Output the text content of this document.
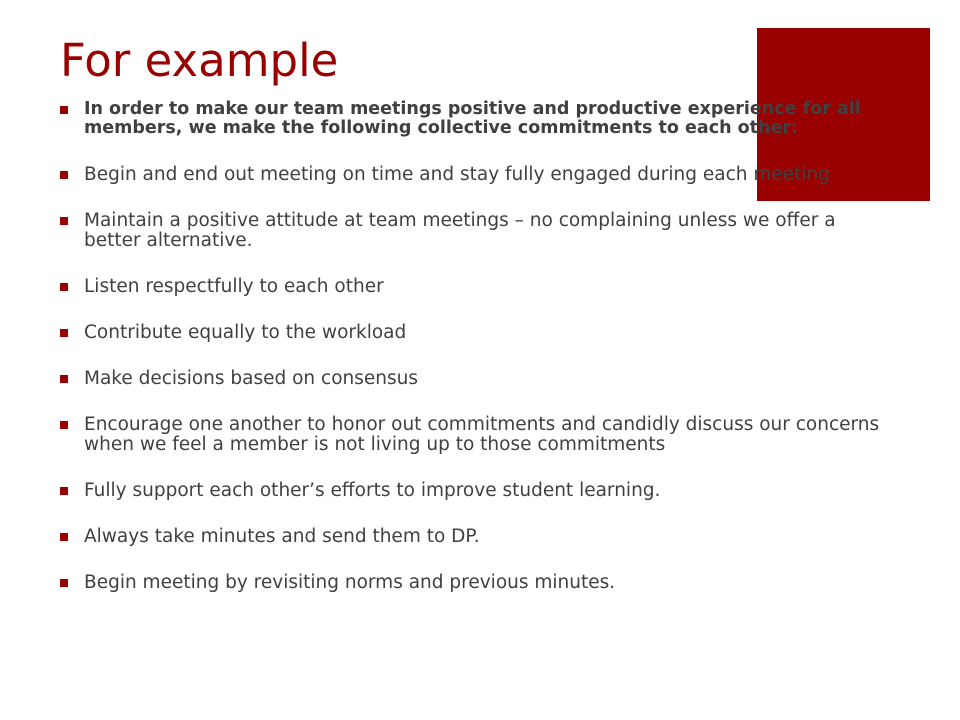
For example
In order to make our team meetings positive and productive experience for all members, we make the following collective commitments to each other:
Begin and end out meeting on time and stay fully engaged during each meeting
Maintain a positive attitude at team meetings – no complaining unless we offer a better alternative.
Listen respectfully to each other
Contribute equally to the workload
Make decisions based on consensus
Encourage one another to honor out commitments and candidly discuss our concerns when we feel a member is not living up to those commitments
Fully support each other’s efforts to improve student learning.
Always take minutes and send them to DP.
Begin meeting by revisiting norms and previous minutes.
